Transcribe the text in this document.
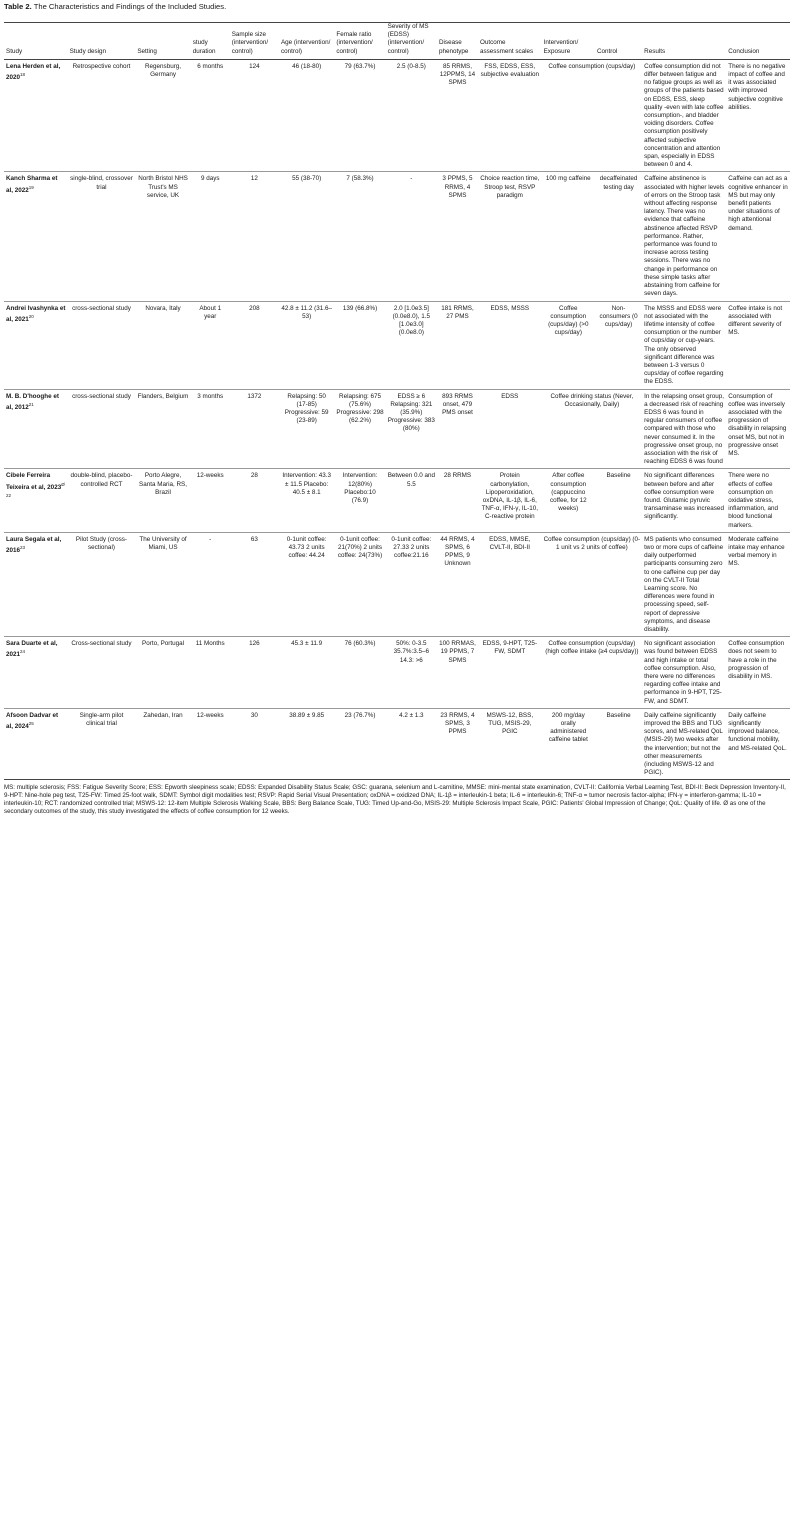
Table 2. The Characteristics and Findings of the Included Studies.
Study	Study design	Setting	study duration	Sample size (intervention/ control)	Age (intervention/ control)	Female ratio (intervention/ control)	Severity of MS (EDSS) (intervention/ control)	Disease phenotype	Outcome assessment scales	Intervention/ Exposure	Control	Results	Conclusion
Lena Herden et al, 2020$^{18}$	Retrospective cohort	Regensburg, Germany	6 months	124	46 (18-80)	79 (63.7%)	2.5 (0-8.5)	85 RRMS, 12PPMS, 14 SPMS	FSS, EDSS, ESS, subjective evaluation	Coffee consumption (cups/day)		Coffee consumption did not differ between fatigue and no fatigue groups as well as groups of the patients based on EDSS, ESS, sleep quality -even with late coffee consumption-, and bladder voiding disorders. Coffee consumption positively affected subjective concentration and attention span, especially in EDSS between 0 and 4.	There is no negative impact of coffee and it was associated with improved subjective cognitive abilities.
Kanch Sharma et al, 2022$^{19}$	single-blind, crossover trial	North Bristol NHS Trust's MS service, UK	9 days	12	55 (38-70)	7 (58.3%)	-	3 PPMS, 5 RRMS, 4 SPMS	Choice reaction time, Stroop test, RSVP paradigm	100 mg caffeine	decaffeinated testing day	Caffeine abstinence is associated with higher levels of errors on the Stroop task without affecting response latency. There was no evidence that caffeine abstinence affected RSVP performance. Rather, performance was found to increase across testing sessions. There was no change in performance on these simple tasks after abstaining from caffeine for seven days.	Caffeine can act as a cognitive enhancer in MS but may only benefit patients under situations of high attentional demand.
Andrei Ivashynka et al, 2021$^{20}$	cross-sectional study	Novara, Italy	About 1 year	208	42.8 ± 11.2 (31.6–53)	139 (66.8%)	2.0 [1.0e3.5] (0.0e8.0), 1.5 [1.0e3.0] (0.0e8.0)	181 RRMS, 27 PMS	EDSS, MSSS	Coffee consumption (cups/day) (>0 cups/day)	Non-consumers (0 cups/day)	The MSSS and EDSS were not associated with the lifetime intensity of coffee consumption or the number of cups/day or cup-years. The only observed significant difference was between 1-3 versus 0 cups/day of coffee regarding the EDSS.	Coffee intake is not associated with different severity of MS.
M. B. D'hooghe et al, 2012$^{21}$	cross-sectional study	Flanders, Belgium	3 months	1372	Relapsing: 50 (17-85) Progressive: 59 (23-89)	Relapsing: 675 (75.6%) Progressive: 298 (62.2%)	EDSS ≥ 6 Relapsing: 321 (35.9%) Progressive: 383 (80%)	893 RRMS onset, 479 PMS onset	EDSS	Coffee drinking status (Never, Occasionally, Daily)		In the relapsing onset group, a decreased risk of reaching EDSS 6 was found in regular consumers of coffee compared with those who never consumed it. In the progressive onset group, no association with the risk of reaching EDSS 6 was found	Consumption of coffee was inversely associated with the progression of disability in relapsing onset MS, but not in progressive onset MS.
Cibele Ferreira Teixeira et al, 2023$^{Ø 22}$	double-blind, placebo-controlled RCT	Porto Alegre, Santa Maria, RS, Brazil	12-weeks	28	Intervention: 43.3 ± 11.5 Placebo: 40.5 ± 8.1	Intervention: 12(80%) Placebo:10 (76.9)	Between 0.0 and 5.5	28 RRMS	Protein carbonylation, Lipoperoxidation, oxDNA, IL-1β, IL-6, TNF-α, IFN-γ, IL-10, C-reactive protein	After coffee consumption (cappuccino coffee, for 12 weeks)	Baseline	No significant differences between before and after coffee consumption were found. Glutamic pyruvic transaminase was increased significantly.	There were no effects of coffee consumption on oxidative stress, inflammation, and blood functional markers.
Laura Segala et al, 2016$^{23}$	Pilot Study (cross-sectional)	The University of Miami, US	-	63	0-1unit coffee: 43.73 2 units coffee: 44.24	0-1unit coffee: 21(70%) 2 units coffee: 24(73%)	0-1unit coffee: 27.33 2 units coffee:21.16	44 RRMS, 4 SPMS, 6 PPMS, 9 Unknown	EDSS, MMSE, CVLT-II, BDI-II	Coffee consumption (cups/day) (0-1 unit vs 2 units of coffee)		MS patients who consumed two or more cups of caffeine daily outperformed participants consuming zero to one caffeine cup per day on the CVLT-II Total Learning score. No differences were found in processing speed, self-report of depressive symptoms, and disease disability.	Moderate caffeine intake may enhance verbal memory in MS.
Sara Duarte et al, 2021$^{24}$	Cross-sectional study	Porto, Portugal	11 Months	126	45.3 ± 11.9	76 (60.3%)	50%: 0-3.5 35.7%:3.5–6 14.3: >6	100 RRMAS, 19 PPMS, 7 SPMS	EDSS, 9-HPT, T25-FW, SDMT	Coffee consumption (cups/day) (high coffee intake (≥4 cups/day))		No significant association was found between EDSS and high intake or total coffee consumption. Also, there were no differences regarding coffee intake and performance in 9-HPT, T25-FW, and SDMT.	Coffee consumption does not seem to have a role in the progression of disability in MS.
Afsoon Dadvar et al, 2024$^{25}$	Single-arm pilot clinical trial	Zahedan, Iran	12-weeks	30	38.89 ± 9.85	23 (76.7%)	4.2 ± 1.3	23 RRMS, 4 SPMS, 3 PPMS	MSWS-12, BSS, TUG, MSIS-29, PGIC	200 mg/day orally administered caffeine tablet	Baseline	Daily caffeine significantly improved the BBS and TUG scores, and MS-related QoL (MSIS-29) two weeks after the intervention; but not the other measurements (including MSWS-12 and PGIC).	Daily caffeine significantly improved balance, functional mobility, and MS-related QoL.
MS: multiple sclerosis; FSS: Fatigue Severity Score; ESS: Epworth sleepiness scale; EDSS: Expanded Disability Status Scale; GSC: guarana, selenium and L-carnitine, MMSE: mini-mental state examination, CVLT-II: California Verbal Learning Test, BDI-II: Beck Depression Inventory-II, 9-HPT: Nine-hole peg test, T25-FW: Timed 25-foot walk, SDMT: Symbol digit modalities test; RSVP: Rapid Serial Visual Presentation; oxDNA = oxidized DNA; IL-1β = interleukin-1 beta; IL-6 = interleukin-6; TNF-α = tumor necrosis factor-alpha; IFN-γ = interferon-gamma; IL-10 = interleukin-10; RCT: randomized controlled trial; MSWS-12: 12-item Multiple Sclerosis Walking Scale, BBS: Berg Balance Scale, TUG: Timed Up-and-Go, MSIS-29: Multiple Sclerosis Impact Scale, PGIC: Patients' Global Impression of Change; QoL: Quality of life. Ø as one of the secondary outcomes of the study, this study investigated the effects of coffee consumption for 12 weeks.
